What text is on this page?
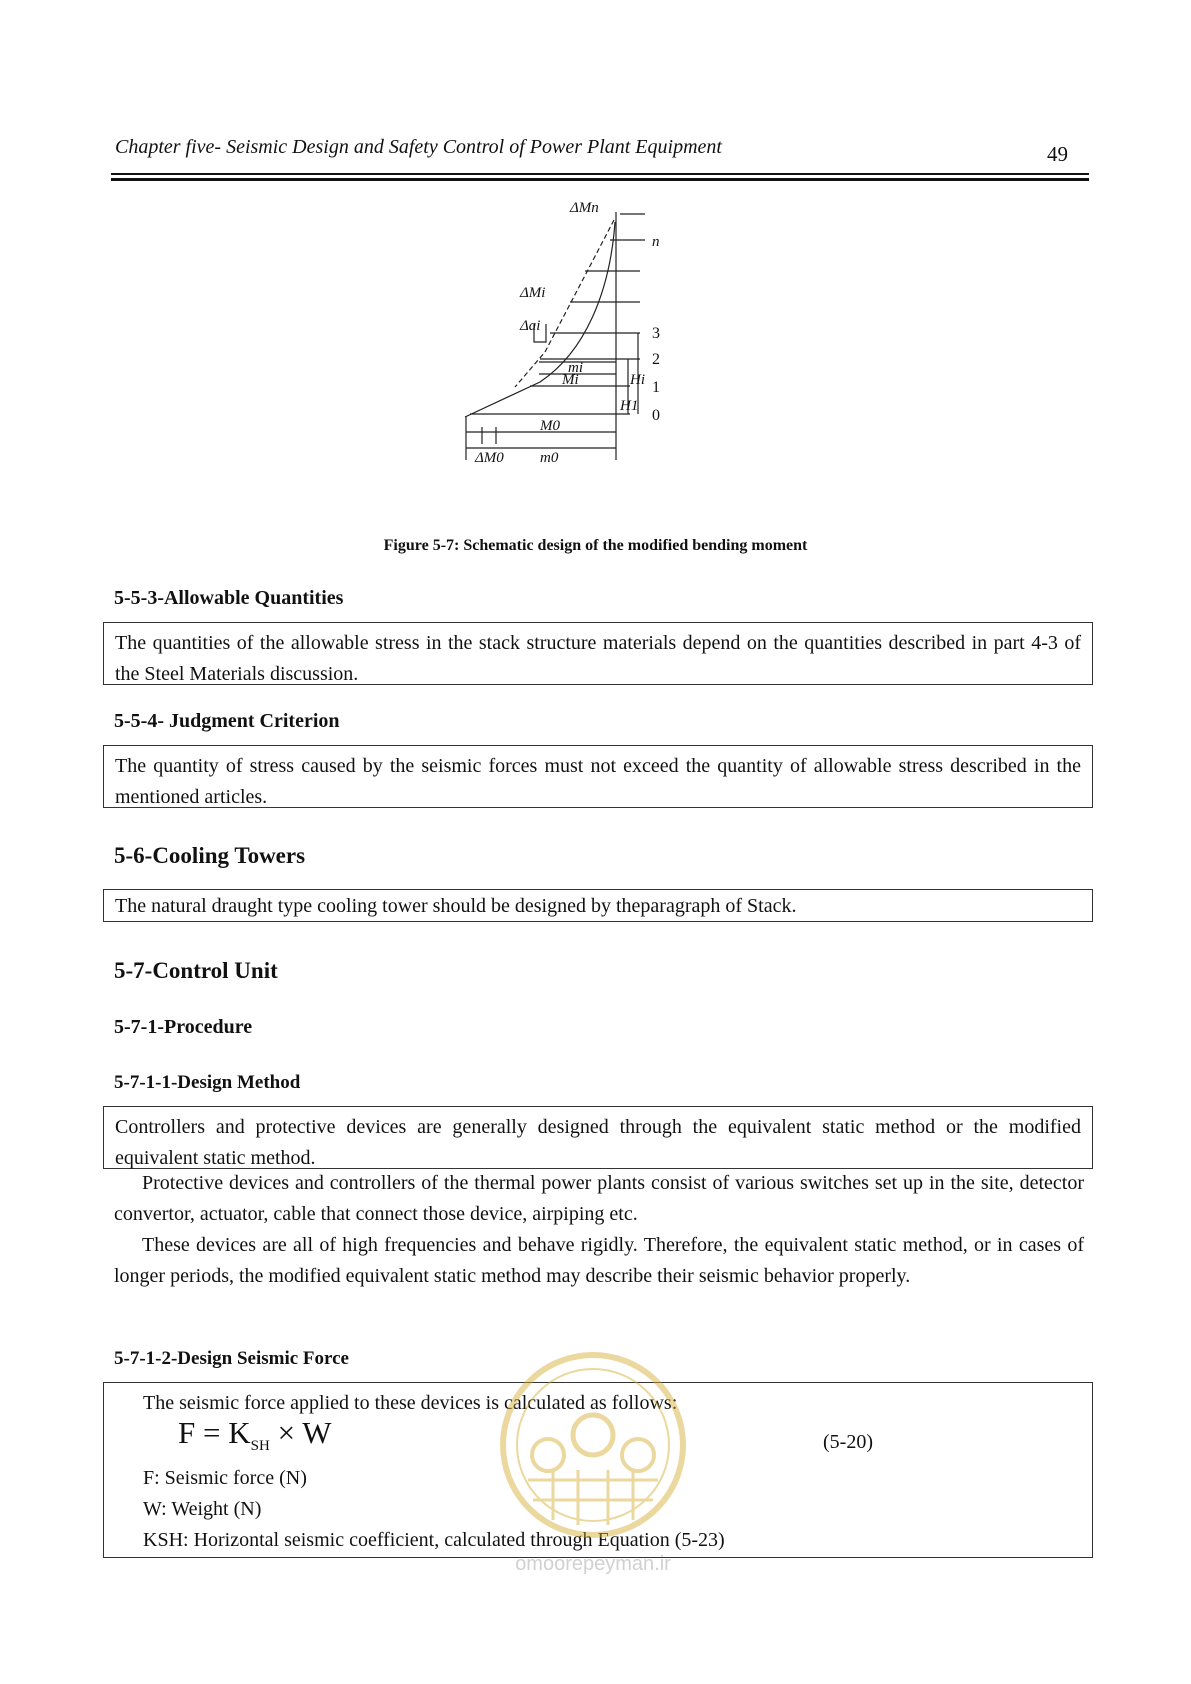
Chapter five- Seismic Design and Safety Control of Power Plant Equipment	49
ΔMn
n
ΔMi
Δai
mi
Mi	Hi
H1
M0
ΔM0 m0
3
2
1
0
Figure 5-7: Schematic design of the modified bending moment
5-5-3-Allowable Quantities
The quantities of the allowable stress in the stack structure materials depend on the quantities described in part 4-3 of the Steel Materials discussion.
5-5-4- Judgment Criterion
The quantity of stress caused by the seismic forces must not exceed the quantity of allowable stress described in the mentioned articles.
5-6-Cooling Towers
The natural draught type cooling tower should be designed by theparagraph of Stack.
5-7-Control Unit
5-7-1-Procedure
5-7-1-1-Design Method
Controllers and protective devices are generally designed through the equivalent static method or the modified equivalent static method.
Protective devices and controllers of the thermal power plants consist of various switches set up in the site, detector convertor, actuator, cable that connect those device, airpiping etc.
These devices are all of high frequencies and behave rigidly. Therefore, the equivalent static method, or in cases of longer periods, the modified equivalent static method may describe their seismic behavior properly.
5-7-1-2-Design Seismic Force
The seismic force applied to these devices is calculated as follows:
$F = K_{SH} \times W$	(5-20)
F: Seismic force (N)
W: Weight (N)
KSH: Horizontal seismic coefficient, calculated through Equation (5-23)
omoorepeyman.ir
